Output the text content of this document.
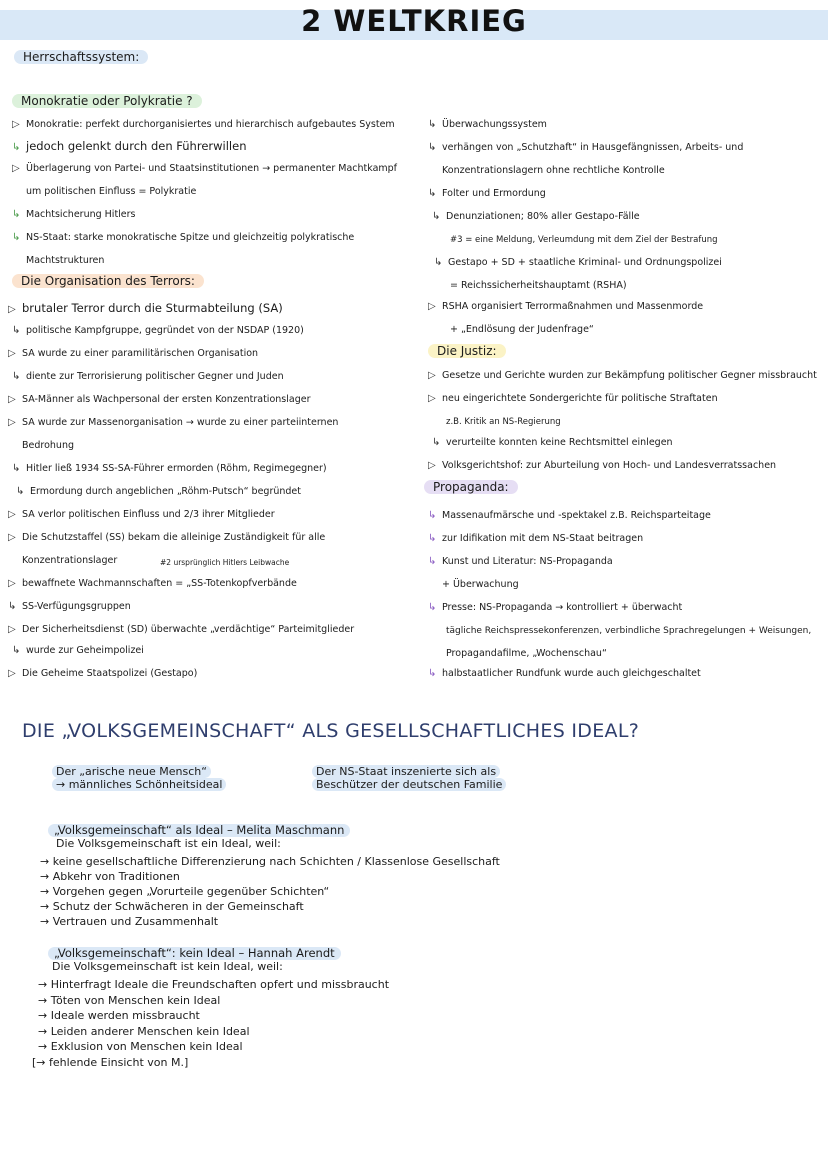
2 WELTKRIEG
Herrschaftssystem:
Monokratie oder Polykratie ?
▷ Monokratie: perfekt durchorganisiertes und hierarchisch aufgebautes System
↳ jedoch gelenkt durch den Führerwillen
▷ Überlagerung von Partei- und Staatsinstitutionen → permanenter Machtkampf
um politischen Einfluss = Polykratie
↳ Machtsicherung Hitlers
↳ NS-Staat: starke monokratische Spitze und gleichzeitig polykratische
Machtstrukturen
Die Organisation des Terrors:
▷ brutaler Terror durch die Sturmabteilung (SA)
↳ politische Kampfgruppe, gegründet von der NSDAP (1920)
▷ SA wurde zu einer paramilitärischen Organisation
↳ diente zur Terrorisierung politischer Gegner und Juden
▷ SA-Männer als Wachpersonal der ersten Konzentrationslager
▷ SA wurde zur Massenorganisation → wurde zu einer parteiinternen
Bedrohung
↳ Hitler ließ 1934 SS-SA-Führer ermorden (Röhm, Regimegegner)
↳ Ermordung durch angeblichen „Röhm-Putsch“ begründet
▷ SA verlor politischen Einfluss und 2/3 ihrer Mitglieder
▷ Die Schutzstaffel (SS) bekam die alleinige Zuständigkeit für alle
Konzentrationslager	#2 ursprünglich Hitlers Leibwache
▷ bewaffnete Wachmannschaften = „SS-Totenkopfverbände
↳ SS-Verfügungsgruppen
▷ Der Sicherheitsdienst (SD) überwachte „verdächtige“ Parteimitglieder
↳ wurde zur Geheimpolizei
▷ Die Geheime Staatspolizei (Gestapo)
↳ Überwachungssystem
↳ verhängen von „Schutzhaft“ in Hausgefängnissen, Arbeits- und
Konzentrationslagern ohne rechtliche Kontrolle
↳ Folter und Ermordung
↳ Denunziationen; 80% aller Gestapo-Fälle
#3 = eine Meldung, Verleumdung mit dem Ziel der Bestrafung
↳ Gestapo + SD + staatliche Kriminal- und Ordnungspolizei
= Reichssicherheitshauptamt (RSHA)
▷ RSHA organisiert Terrormaßnahmen und Massenmorde
+ „Endlösung der Judenfrage“
Die Justiz:
▷ Gesetze und Gerichte wurden zur Bekämpfung politischer Gegner missbraucht
▷ neu eingerichtete Sondergerichte für politische Straftaten
z.B. Kritik an NS-Regierung
↳ verurteilte konnten keine Rechtsmittel einlegen
▷ Volksgerichtshof: zur Aburteilung von Hoch- und Landesverratssachen
Propaganda:
↳ Massenaufmärsche und -spektakel z.B. Reichsparteitage
↳ zur Idifikation mit dem NS-Staat beitragen
↳ Kunst und Literatur: NS-Propaganda
+ Überwachung
↳ Presse: NS-Propaganda → kontrolliert + überwacht
tägliche Reichspressekonferenzen, verbindliche Sprachregelungen + Weisungen,
Propagandafilme, „Wochenschau“
↳ halbstaatlicher Rundfunk wurde auch gleichgeschaltet
DIE „VOLKSGEMEINSCHAFT“ ALS GESELLSCHAFTLICHES IDEAL?
Der „arische neue Mensch“
→ männliches Schönheitsideal
Der NS-Staat inszenierte sich als
Beschützer der deutschen Familie
„Volksgemeinschaft“ als Ideal – Melita Maschmann
Die Volksgemeinschaft ist ein Ideal, weil:
→ keine gesellschaftliche Differenzierung nach Schichten / Klassenlose Gesellschaft
→ Abkehr von Traditionen
→ Vorgehen gegen „Vorurteile gegenüber Schichten“
→ Schutz der Schwächeren in der Gemeinschaft
→ Vertrauen und Zusammenhalt
„Volksgemeinschaft“: kein Ideal – Hannah Arendt
Die Volksgemeinschaft ist kein Ideal, weil:
→ Hinterfragt Ideale die Freundschaften opfert und missbraucht
→ Töten von Menschen kein Ideal
→ Ideale werden missbraucht
→ Leiden anderer Menschen kein Ideal
→ Exklusion von Menschen kein Ideal
[→ fehlende Einsicht von M.]
